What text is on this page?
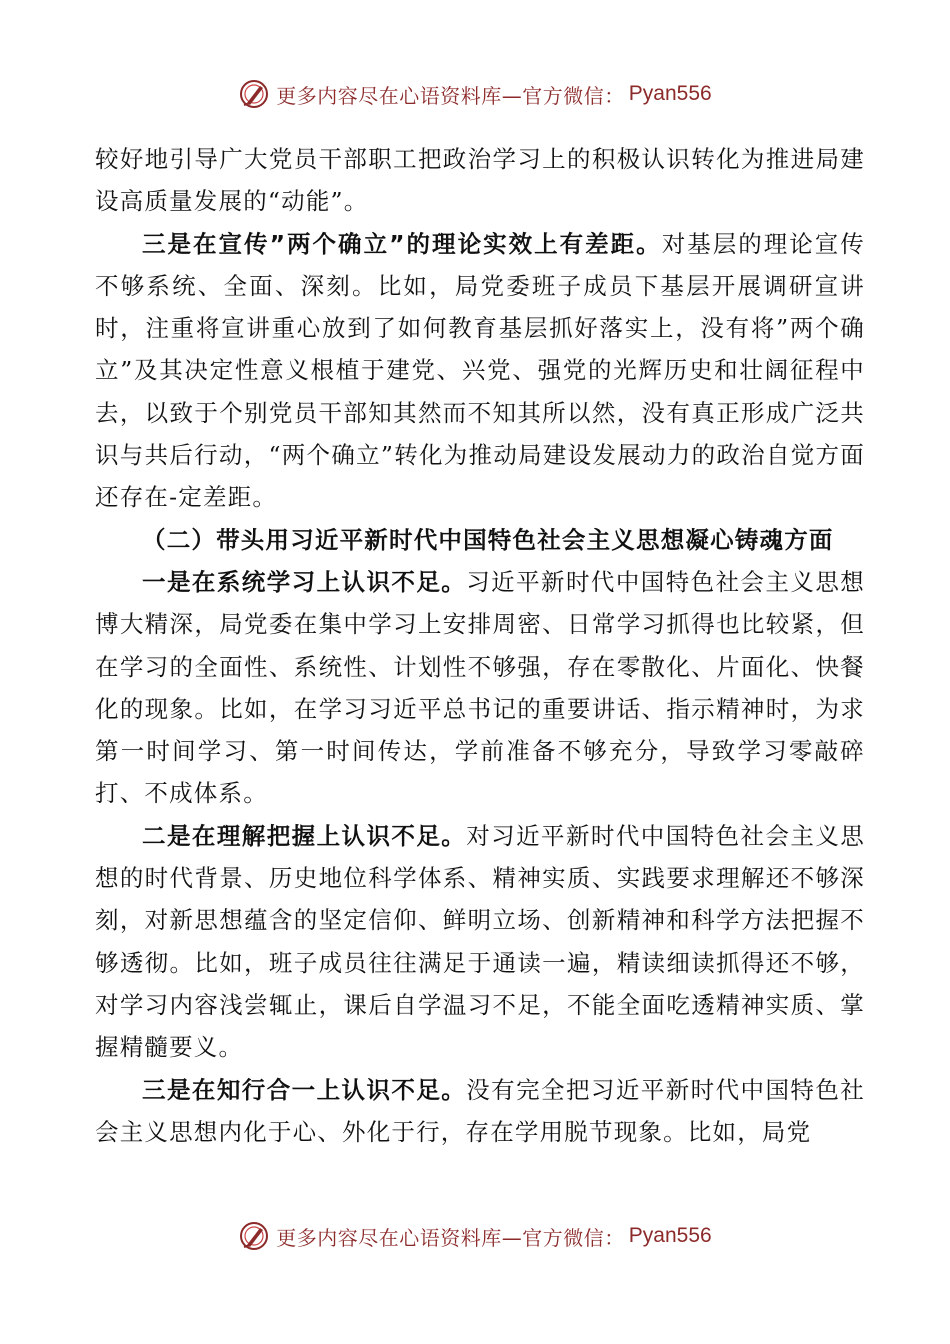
更多内容尽在心语资料库—官方微信： Pyan556

较好地引导广大党员干部职工把政治学习上的积极认识转化为推进局建设高质量发展的“动能”。

三是在宣传”两个确立”的理论实效上有差距。对基层的理论宣传不够系统、全面、深刻。比如，局党委班子成员下基层开展调研宣讲时，注重将宣讲重心放到了如何教育基层抓好落实上，没有将”两个确立”及其决定性意义根植于建党、兴党、强党的光辉历史和壮阔征程中去，以致于个别党员干部知其然而不知其所以然，没有真正形成广泛共识与共后行动，“两个确立”转化为推动局建设发展动力的政治自觉方面还存在-定差距。

（二）带头用习近平新时代中国特色社会主义思想凝心铸魂方面

一是在系统学习上认识不足。习近平新时代中国特色社会主义思想博大精深，局党委在集中学习上安排周密、日常学习抓得也比较紧，但在学习的全面性、系统性、计划性不够强，存在零散化、片面化、快餐化的现象。比如，在学习习近平总书记的重要讲话、指示精神时，为求第一时间学习、第一时间传达，学前准备不够充分，导致学习零敲碎打、不成体系。

二是在理解把握上认识不足。对习近平新时代中国特色社会主义思想的时代背景、历史地位科学体系、精神实质、实践要求理解还不够深刻，对新思想蕴含的坚定信仰、鲜明立场、创新精神和科学方法把握不够透彻。比如，班子成员往往满足于通读一遍，精读细读抓得还不够，对学习内容浅尝辄止，课后自学温习不足，不能全面吃透精神实质、掌握精髓要义。

三是在知行合一上认识不足。没有完全把习近平新时代中国特色社会主义思想内化于心、外化于行，存在学用脱节现象。比如，局党

更多内容尽在心语资料库—官方微信： Pyan556
